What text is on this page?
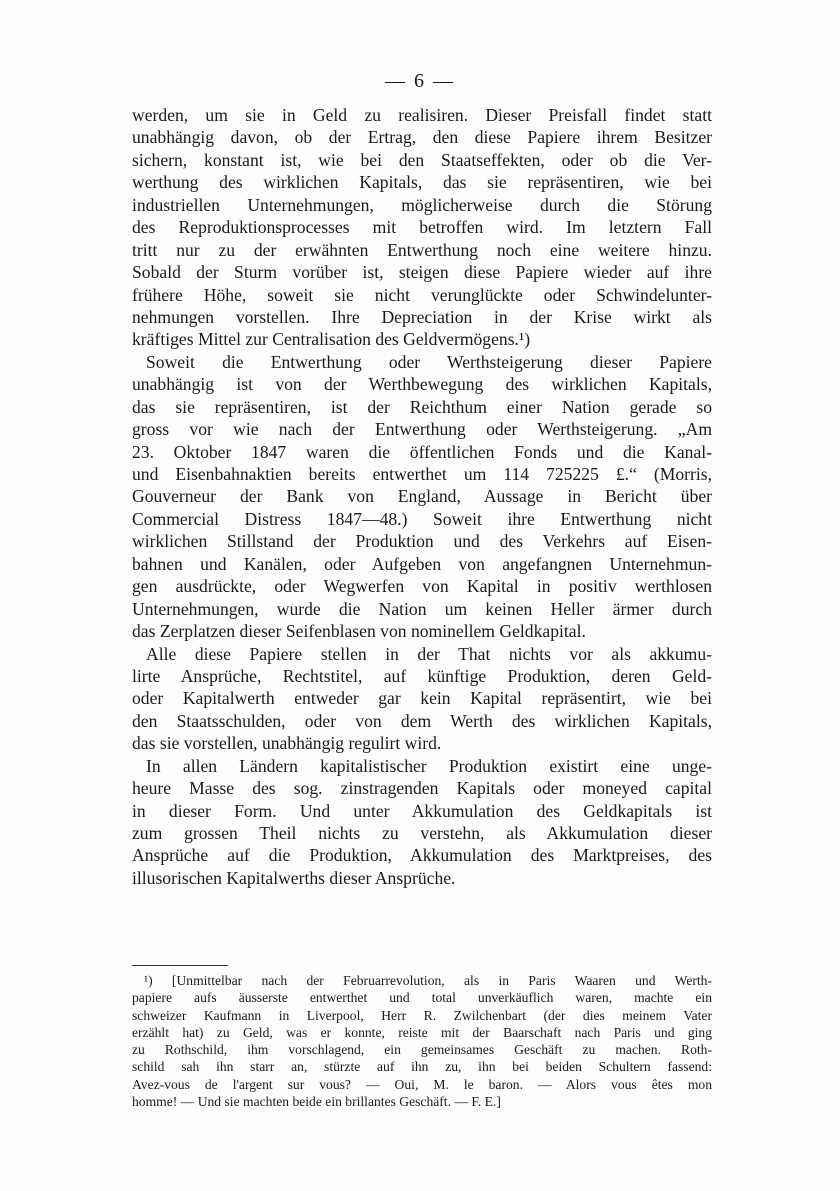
— 6 —
werden, um sie in Geld zu realisiren. Dieser Preisfall findet statt
unabhängig davon, ob der Ertrag, den diese Papiere ihrem Besitzer
sichern, konstant ist, wie bei den Staatseffekten, oder ob die Ver-
werthung des wirklichen Kapitals, das sie repräsentiren, wie bei
industriellen Unternehmungen, möglicherweise durch die Störung
des Reproduktionsprocesses mit betroffen wird. Im letztern Fall
tritt nur zu der erwähnten Entwerthung noch eine weitere hinzu.
Sobald der Sturm vorüber ist, steigen diese Papiere wieder auf ihre
frühere Höhe, soweit sie nicht verunglückte oder Schwindelunter-
nehmungen vorstellen. Ihre Depreciation in der Krise wirkt als
kräftiges Mittel zur Centralisation des Geldvermögens.¹)
Soweit die Entwerthung oder Werthsteigerung dieser Papiere
unabhängig ist von der Werthbewegung des wirklichen Kapitals,
das sie repräsentiren, ist der Reichthum einer Nation gerade so
gross vor wie nach der Entwerthung oder Werthsteigerung. „Am
23. Oktober 1847 waren die öffentlichen Fonds und die Kanal-
und Eisenbahnaktien bereits entwerthet um 114 725225 £.“ (Morris,
Gouverneur der Bank von England, Aussage in Bericht über
Commercial Distress 1847—48.) Soweit ihre Entwerthung nicht
wirklichen Stillstand der Produktion und des Verkehrs auf Eisen-
bahnen und Kanälen, oder Aufgeben von angefangnen Unternehmun-
gen ausdrückte, oder Wegwerfen von Kapital in positiv werthlosen
Unternehmungen, wurde die Nation um keinen Heller ärmer durch
das Zerplatzen dieser Seifenblasen von nominellem Geldkapital.
Alle diese Papiere stellen in der That nichts vor als akkumu-
lirte Ansprüche, Rechtstitel, auf künftige Produktion, deren Geld-
oder Kapitalwerth entweder gar kein Kapital repräsentirt, wie bei
den Staatsschulden, oder von dem Werth des wirklichen Kapitals,
das sie vorstellen, unabhängig regulirt wird.
In allen Ländern kapitalistischer Produktion existirt eine unge-
heure Masse des sog. zinstragenden Kapitals oder moneyed capital
in dieser Form. Und unter Akkumulation des Geldkapitals ist
zum grossen Theil nichts zu verstehn, als Akkumulation dieser
Ansprüche auf die Produktion, Akkumulation des Marktpreises, des
illusorischen Kapitalwerths dieser Ansprüche.
¹) [Unmittelbar nach der Februarrevolution, als in Paris Waaren und Werth-
papiere aufs äusserste entwerthet und total unverkäuflich waren, machte ein
schweizer Kaufmann in Liverpool, Herr R. Zwilchenbart (der dies meinem Vater
erzählt hat) zu Geld, was er konnte, reiste mit der Baarschaft nach Paris und ging
zu Rothschild, ihm vorschlagend, ein gemeinsames Geschäft zu machen. Roth-
schild sah ihn starr an, stürzte auf ihn zu, ihn bei beiden Schultern fassend:
Avez-vous de l'argent sur vous? — Oui, M. le baron. — Alors vous êtes mon
homme! — Und sie machten beide ein brillantes Geschäft. — F. E.]
